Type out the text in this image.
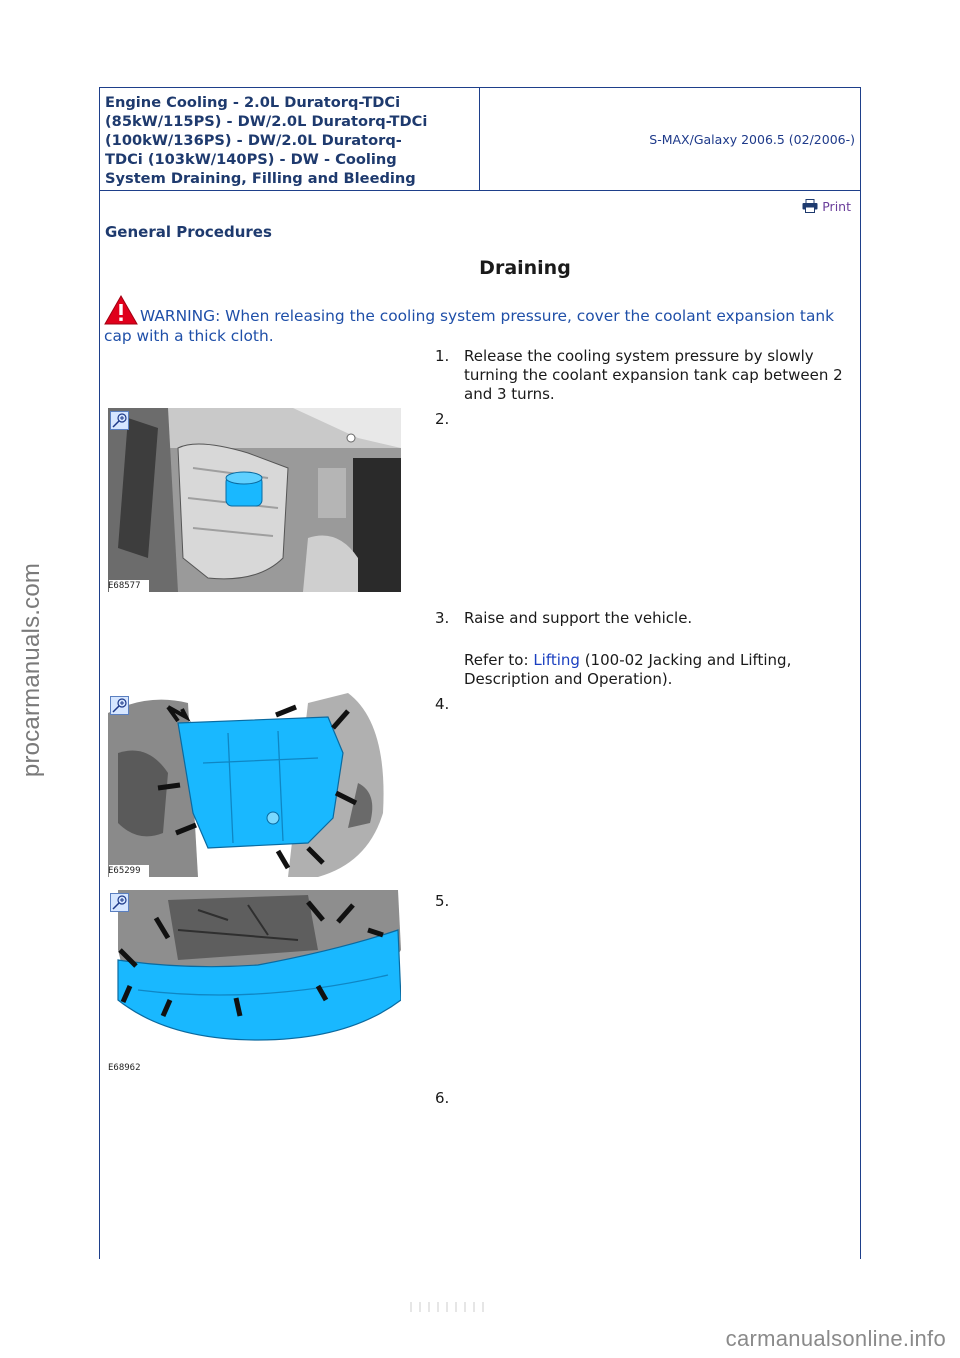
procarmanuals.com
Engine Cooling - 2.0L Duratorq-TDCi
(85kW/115PS) - DW/2.0L Duratorq-TDCi
(100kW/136PS) - DW/2.0L Duratorq-
TDCi (103kW/140PS) - DW - Cooling
System Draining, Filling and Bleeding
S-MAX/Galaxy 2006.5 (02/2006-)
Print
General Procedures
Draining
WARNING: When releasing the cooling system pressure, cover the coolant expansion tank cap with a thick cloth.
1. Release the cooling system pressure by slowly turning the coolant expansion tank cap between 2 and 3 turns.
E68577
2.
3. Raise and support the vehicle.
Refer to: Lifting (100-02 Jacking and Lifting, Description and Operation).
E65299
4.
E68962
5.
6.
carmanualsonline.info
